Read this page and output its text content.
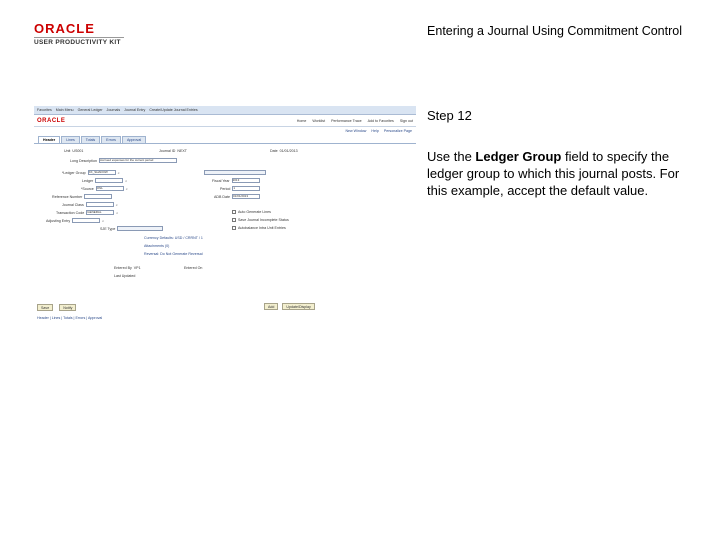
ORACLE
USER PRODUCTIVITY KIT
Entering a Journal Using Commitment Control
Favorites Main Menu General Ledger Journals Journal Entry Create/Update Journal Entries
ORACLE	Home Worklist Performance Trace Add to Favorites Sign out
New Window Help Personalize Page
Header	Lines	Totals	Errors	Approval
Unit US001	Journal ID NEXT	Date 01/01/2013
Long Description	Accrued expenses for the current period
*Ledger Group	KK_SHADOW	⌕
Ledger	⌕
*Source	ONL	⌕
Reference Number
Journal Class	⌕
Transaction Code	GENERAL	⌕
Adjusting Entry	⌕
SJE Type
Fiscal Year	2013
Period	1
ADB Date	01/01/2013
Auto Generate Lines
Save Journal Incomplete Status
Autobalance Intra Unit Entries
Currency Defaults: USD / CRRNT / 1
Attachments (0)
Reversal: Do Not Generate Reversal
Entered By VP1	Entered On
Last Updated
Save	Notify	Add	Update/Display
Header | Lines | Totals | Errors | Approval
Step 12
Use the Ledger Group field to specify the ledger group to which this journal posts. For this example, accept the default value.
